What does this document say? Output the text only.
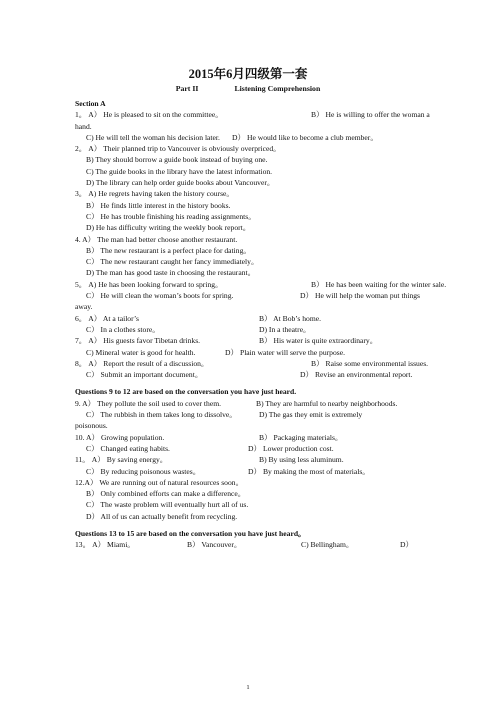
2015年6月四级第一套
Part II	Listening Comprehension
Section A
1。 A） He is pleased to sit on the committee。	B） He is willing to offer the woman a
hand.
C) He will tell the woman his decision later. D） He would like to become a club member。
2。 A） Their planned trip to Vancouver is obviously overpriced。
B) They should borrow a guide book instead of buying one.
C) The guide books in the library have the latest information.
D) The library can help order guide books about Vancouver。
3。 A) He regrets having taken the history course。
B） He finds little interest in the history books.
C） He has trouble finishing his reading assignments。
D) He has difficulty writing the weekly book report。
4. A） The man had better choose another restaurant.
B） The new restaurant is a perfect place for dating。
C） The new restaurant caught her fancy immediately。
D) The man has good taste in choosing the restaurant。
5。 A) He has been looking forward to spring。	B） He has been waiting for the winter sale.
C） He will clean the woman’s boots for spring.	D） He will help the woman put things
away.
6。 A） At a tailor’s	B） At Bob’s home.
C） In a clothes store。	D) In a theatre。
7。 A） His guests favor Tibetan drinks.	B） His water is quite extraordinary。
C) Mineral water is good for health.	D） Plain water will serve the purpose.
8。 A） Report the result of a discussion。	B） Raise some environmental issues.
C） Submit an important document。	D） Revise an environmental report.
Questions 9 to 12 are based on the conversation you have just heard.
9. A） They pollute the soil used to cover them.	B) They are harmful to nearby neighborhoods.
C） The rubbish in them takes long to dissolve。	D) The gas they emit is extremely
poisonous.
10. A） Growing population.	B） Packaging materials。
C） Changed eating habits.	D） Lower production cost.
11。 A） By saving energy。	B) By using less aluminum.
C） By reducing poisonous wastes。	D） By making the most of materials。
12.A） We are running out of natural resources soon。
B） Only combined efforts can make a difference。
C） The waste problem will eventually hurt all of us.
D） All of us can actually benefit from recycling.
Questions 13 to 15 are based on the conversation you have just heard。
13。 A） Miami。	B） Vancouver。	C) Bellingham。	D）
1
